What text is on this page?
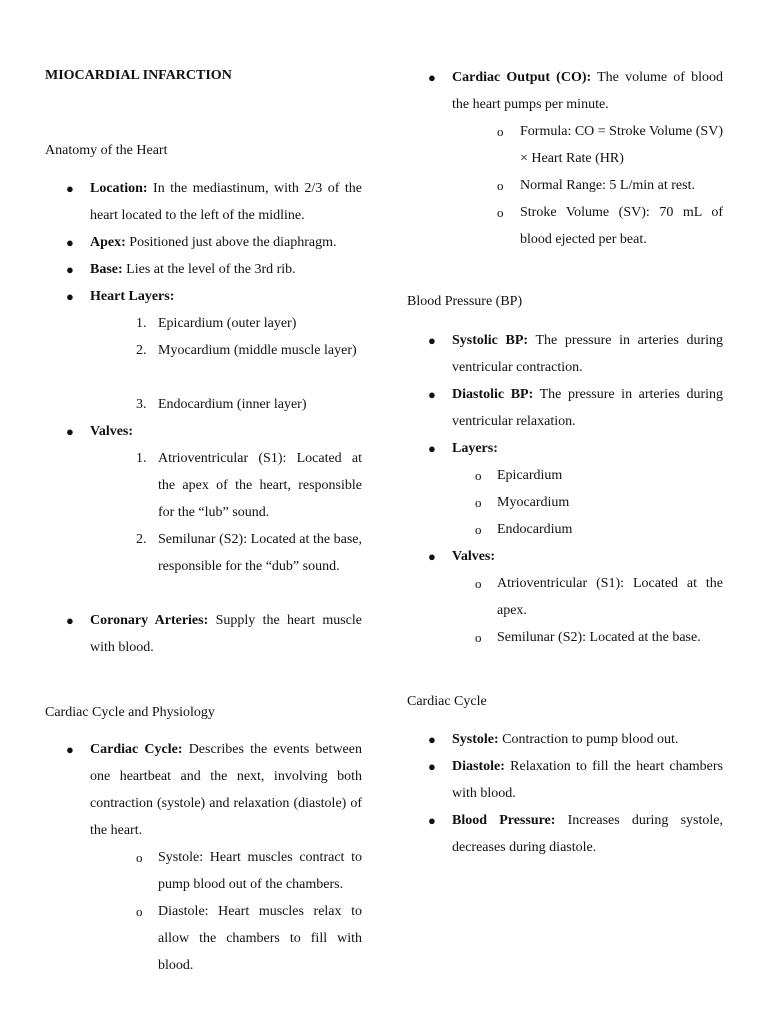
MIOCARDIAL INFARCTION

Anatomy of the Heart

● Location: In the mediastinum, with 2/3 of the heart located to the left of the midline.

● Apex: Positioned just above the diaphragm.

● Base: Lies at the level of the 3rd rib.

● Heart Layers:

1. Epicardium (outer layer)

2. Myocardium (middle muscle layer)

3. Endocardium (inner layer)

● Valves:

1. Atrioventricular (S1): Located at the apex of the heart, responsible for the “lub” sound.

2. Semilunar (S2): Located at the base, responsible for the “dub” sound.

● Coronary Arteries: Supply the heart muscle with blood.

Cardiac Cycle and Physiology

● Cardiac Cycle: Describes the events between one heartbeat and the next, involving both contraction (systole) and relaxation (diastole) of the heart.

o Systole: Heart muscles contract to pump blood out of the chambers.

o Diastole: Heart muscles relax to allow the chambers to fill with blood.

● Cardiac Output (CO): The volume of blood the heart pumps per minute.

o Formula: CO = Stroke Volume (SV) × Heart Rate (HR)

o Normal Range: 5 L/min at rest.

o Stroke Volume (SV): 70 mL of blood ejected per beat.

Blood Pressure (BP)

● Systolic BP: The pressure in arteries during ventricular contraction.

● Diastolic BP: The pressure in arteries during ventricular relaxation.

● Layers:

o Epicardium

o Myocardium

o Endocardium

● Valves:

o Atrioventricular (S1): Located at the apex.

o Semilunar (S2): Located at the base.

Cardiac Cycle

● Systole: Contraction to pump blood out.

● Diastole: Relaxation to fill the heart chambers with blood.

● Blood Pressure: Increases during systole, decreases during diastole.
